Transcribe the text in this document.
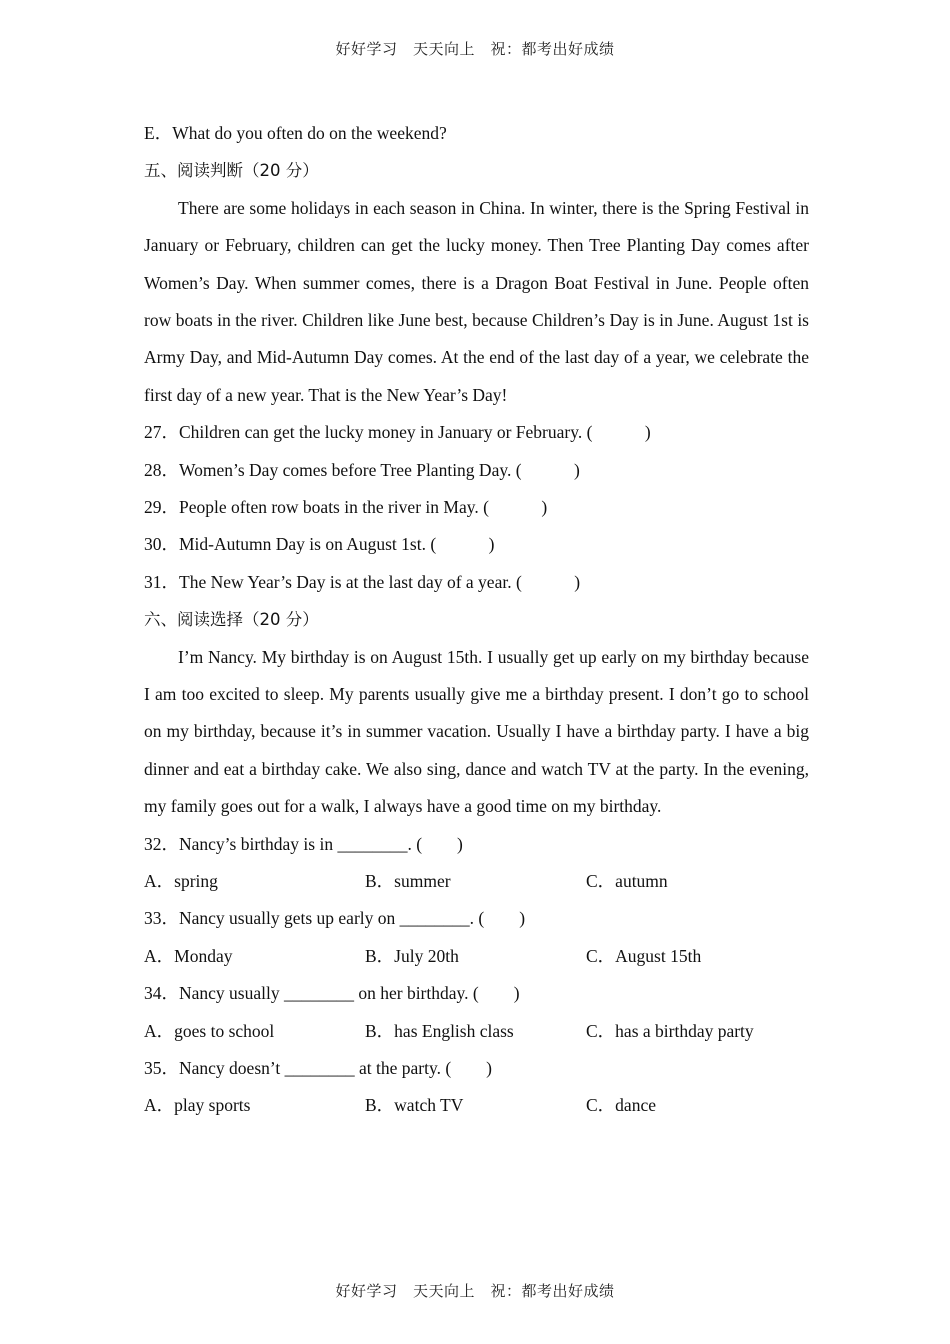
好好学习　天天向上　祝：都考出好成绩
E．What do you often do on the weekend?
五、阅读判断（20 分）

There are some holidays in each season in China. In winter, there is the Spring Festival in January or February, children can get the lucky money. Then Tree Planting Day comes after Women’s Day. When summer comes, there is a Dragon Boat Festival in June. People often row boats in the river. Children like June best, because Children’s Day is in June. August 1st is Army Day, and Mid-Autumn Day comes. At the end of the last day of a year, we celebrate the first day of a new year. That is the New Year’s Day!

27．Children can get the lucky money in January or February. (　　　)
28．Women’s Day comes before Tree Planting Day. (　　　)
29．People often row boats in the river in May. (　　　)
30．Mid-Autumn Day is on August 1st. (　　　)
31．The New Year’s Day is at the last day of a year. (　　　)
六、阅读选择（20 分）

I’m Nancy. My birthday is on August 15th. I usually get up early on my birthday because I am too excited to sleep. My parents usually give me a birthday present. I don’t go to school on my birthday, because it’s in summer vacation. Usually I have a birthday party. I have a big dinner and eat a birthday cake. We also sing, dance and watch TV at the party. In the evening, my family goes out for a walk, I always have a good time on my birthday.

32．Nancy’s birthday is in ________. (　　)
A．spring	B．summer	C．autumn
33．Nancy usually gets up early on ________. (　　)
A．Monday	B．July 20th	C．August 15th
34．Nancy usually ________ on her birthday. (　　)
A．goes to school	B．has English class	C．has a birthday party
35．Nancy doesn’t ________ at the party. (　　)
A．play sports	B．watch TV	C．dance
好好学习　天天向上　祝：都考出好成绩
